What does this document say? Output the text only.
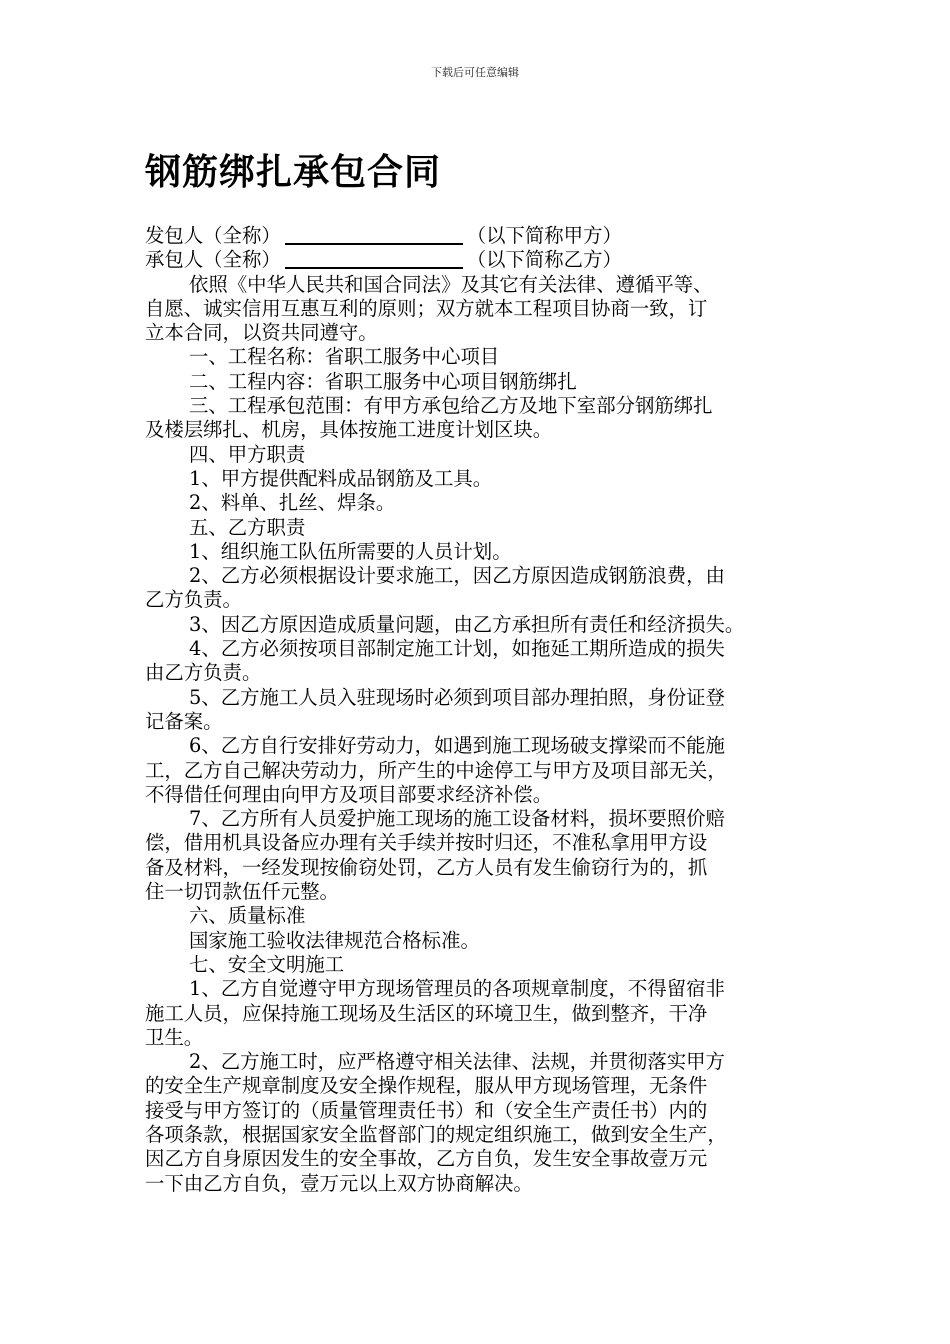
下载后可任意编辑
钢筋绑扎承包合同
发包人（全称）	（以下简称甲方）
承包人（全称）	（以下简称乙方）
依照《中华人民共和国合同法》及其它有关法律、遵循平等、
自愿、诚实信用互惠互利的原则；双方就本工程项目协商一致，订
立本合同，以资共同遵守。
一、工程名称：省职工服务中心项目
二、工程内容：省职工服务中心项目钢筋绑扎
三、工程承包范围：有甲方承包给乙方及地下室部分钢筋绑扎
及楼层绑扎、机房，具体按施工进度计划区块。
四、甲方职责
1、甲方提供配料成品钢筋及工具。
2、料单、扎丝、焊条。
五、乙方职责
1、组织施工队伍所需要的人员计划。
2、乙方必须根据设计要求施工，因乙方原因造成钢筋浪费，由
乙方负责。
3、因乙方原因造成质量问题，由乙方承担所有责任和经济损失。
4、乙方必须按项目部制定施工计划，如拖延工期所造成的损失
由乙方负责。
5、乙方施工人员入驻现场时必须到项目部办理拍照，身份证登
记备案。
6、乙方自行安排好劳动力，如遇到施工现场破支撑梁而不能施
工，乙方自己解决劳动力，所产生的中途停工与甲方及项目部无关，
不得借任何理由向甲方及项目部要求经济补偿。
7、乙方所有人员爱护施工现场的施工设备材料，损坏要照价赔
偿，借用机具设备应办理有关手续并按时归还，不准私拿用甲方设
备及材料，一经发现按偷窃处罚，乙方人员有发生偷窃行为的，抓
住一切罚款伍仟元整。
六、质量标准
国家施工验收法律规范合格标准。
七、安全文明施工
1、乙方自觉遵守甲方现场管理员的各项规章制度，不得留宿非
施工人员，应保持施工现场及生活区的环境卫生，做到整齐，干净
卫生。
2、乙方施工时，应严格遵守相关法律、法规，并贯彻落实甲方
的安全生产规章制度及安全操作规程，服从甲方现场管理，无条件
接受与甲方签订的（质量管理责任书）和（安全生产责任书）内的
各项条款，根据国家安全监督部门的规定组织施工，做到安全生产，
因乙方自身原因发生的安全事故，乙方自负，发生安全事故壹万元
一下由乙方自负，壹万元以上双方协商解决。
